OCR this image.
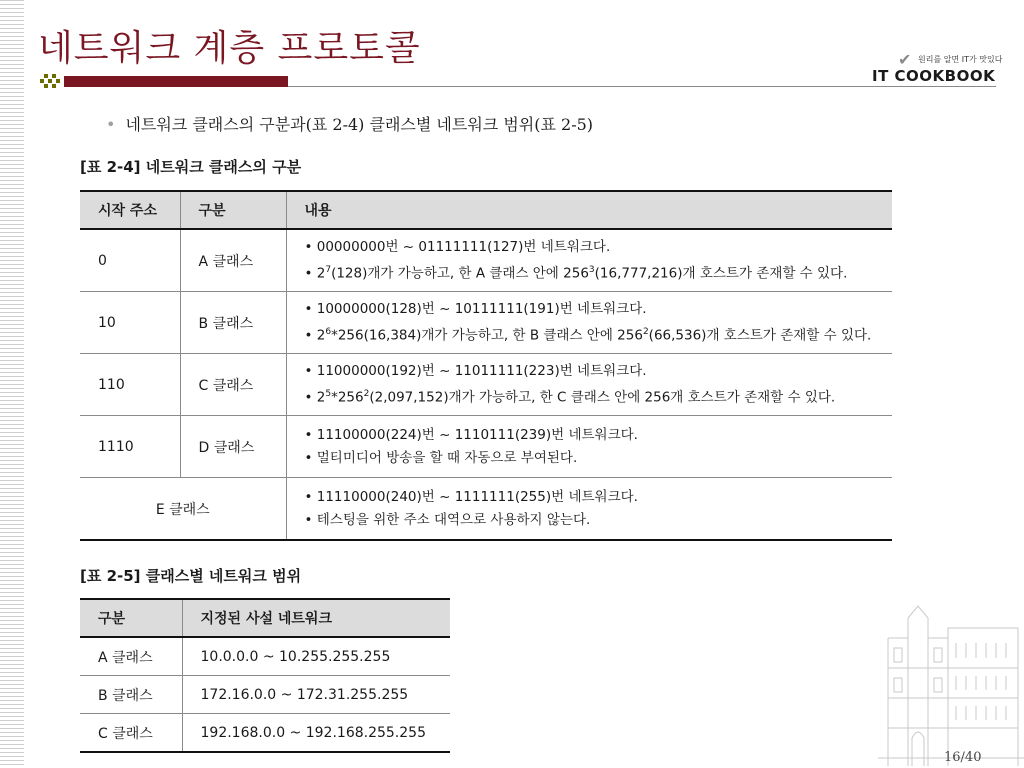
네트워크 계층 프로토콜	✔ 원리를 알면 IT가 맛있다
IT COOKBOOK
• 네트워크 클래스의 구분과(표 2-4) 클래스별 네트워크 범위(표 2-5)
[표 2-4] 네트워크 클래스의 구분
시작 주소	구분	내용
0	A 클래스	• 00000000번 ~ 01111111(127)번 네트워크다.
• $2^7(128)$개가 가능하고, 한 A 클래스 안에 $256^3(16,777,216)$개 호스트가 존재할 수 있다.

10	B 클래스	• 10000000(128)번 ~ 10111111(191)번 네트워크다.
• $2^6*256(16,384)$개가 가능하고, 한 B 클래스 안에 $256^2(66,536)$개 호스트가 존재할 수 있다.

110	C 클래스	• 11000000(192)번 ~ 11011111(223)번 네트워크다.
• $2^5*256^2(2,097,152)$개가 가능하고, 한 C 클래스 안에 256개 호스트가 존재할 수 있다.

1110	D 클래스	• 11100000(224)번 ~ 1110111(239)번 네트워크다.
• 멀티미디어 방송을 할 때 자동으로 부여된다.

E 클래스		• 11110000(240)번 ~ 1111111(255)번 네트워크다.
• 테스팅을 위한 주소 대역으로 사용하지 않는다.
[표 2-5] 클래스별 네트워크 범위
구분	지정된 사설 네트워크
A 클래스	10.0.0.0 ~ 10.255.255.255
B 클래스	172.16.0.0 ~ 172.31.255.255
C 클래스	192.168.0.0 ~ 192.168.255.255
16/40
